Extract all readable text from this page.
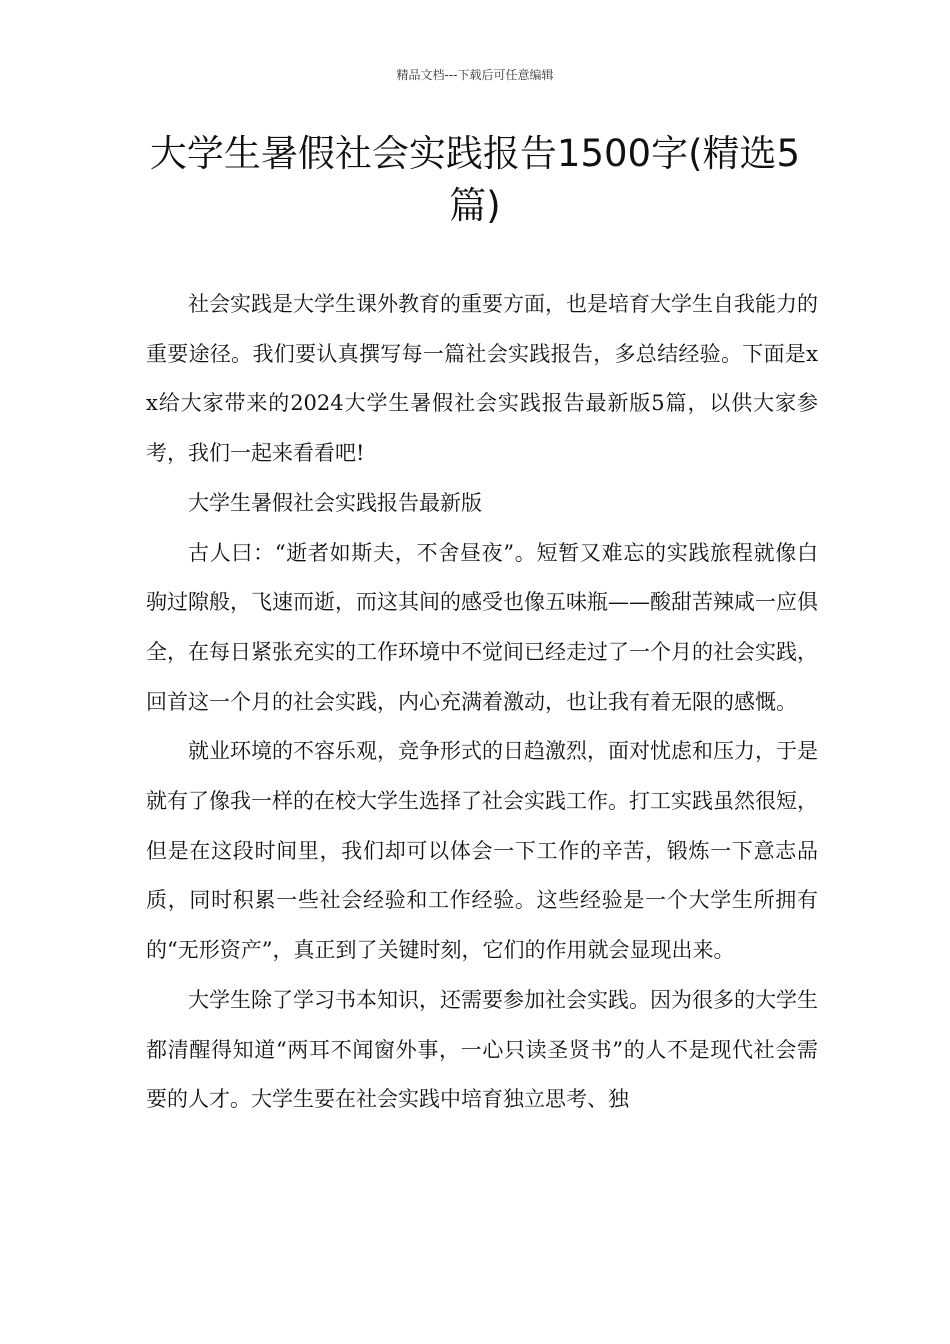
精品文档---下载后可任意编辑
大学生暑假社会实践报告1500字(精选5篇)

社会实践是大学生课外教育的重要方面，也是培育大学生自我能力的重要途径。我们要认真撰写每一篇社会实践报告，多总结经验。下面是xx给大家带来的2024大学生暑假社会实践报告最新版5篇，以供大家参考，我们一起来看看吧!

大学生暑假社会实践报告最新版

古人曰：“逝者如斯夫，不舍昼夜”。短暂又难忘的实践旅程就像白驹过隙般，飞速而逝，而这其间的感受也像五味瓶——酸甜苦辣咸一应俱全，在每日紧张充实的工作环境中不觉间已经走过了一个月的社会实践，回首这一个月的社会实践，内心充满着激动，也让我有着无限的感慨。

就业环境的不容乐观，竞争形式的日趋激烈，面对忧虑和压力，于是就有了像我一样的在校大学生选择了社会实践工作。打工实践虽然很短，但是在这段时间里，我们却可以体会一下工作的辛苦，锻炼一下意志品质，同时积累一些社会经验和工作经验。这些经验是一个大学生所拥有的“无形资产”，真正到了关键时刻，它们的作用就会显现出来。

大学生除了学习书本知识，还需要参加社会实践。因为很多的大学生都清醒得知道“两耳不闻窗外事，一心只读圣贤书”的人不是现代社会需要的人才。大学生要在社会实践中培育独立思考、独
